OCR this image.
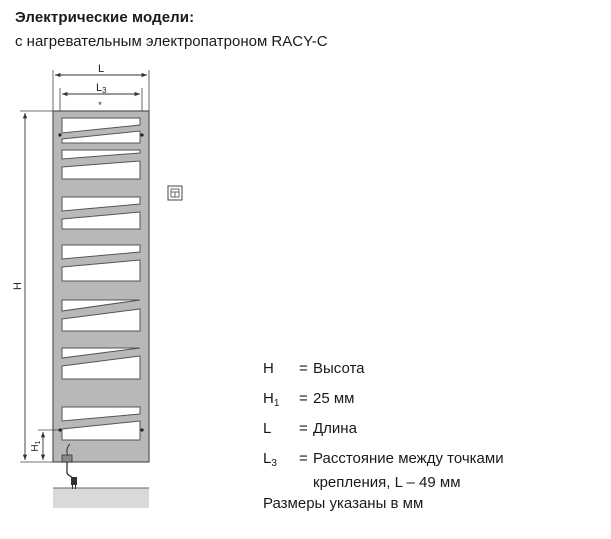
Электрические модели:
с нагревательным электропатроном RACY-C
L
L3
*
H
$H_1$
H	= Высота
$H_1$	= 25 мм
L	= Длина
$L_3$	= Расстояние между точками
крепления, L – 49 мм
Размеры указаны в мм
